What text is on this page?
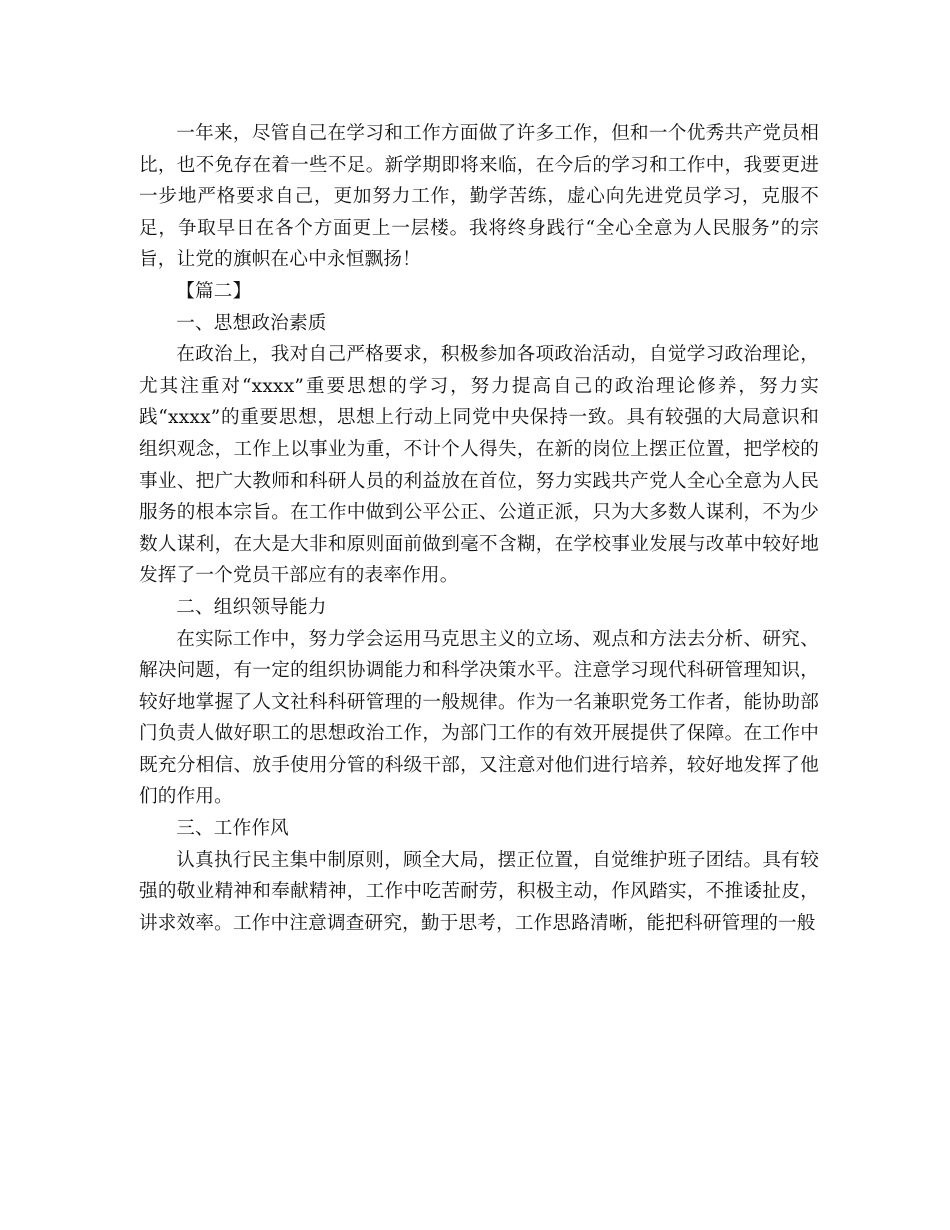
一年来，尽管自己在学习和工作方面做了许多工作，但和一个优秀共产党员相比，也不免存在着一些不足。新学期即将来临，在今后的学习和工作中，我要更进一步地严格要求自己，更加努力工作，勤学苦练，虚心向先进党员学习，克服不足，争取早日在各个方面更上一层楼。我将终身践行“全心全意为人民服务”的宗旨，让党的旗帜在心中永恒飘扬！

【篇二】

一、思想政治素质

在政治上，我对自己严格要求，积极参加各项政治活动，自觉学习政治理论，尤其注重对“xxxx”重要思想的学习，努力提高自己的政治理论修养，努力实践“xxxx”的重要思想，思想上行动上同党中央保持一致。具有较强的大局意识和组织观念，工作上以事业为重，不计个人得失，在新的岗位上摆正位置，把学校的事业、把广大教师和科研人员的利益放在首位，努力实践共产党人全心全意为人民服务的根本宗旨。在工作中做到公平公正、公道正派，只为大多数人谋利，不为少数人谋利，在大是大非和原则面前做到毫不含糊，在学校事业发展与改革中较好地发挥了一个党员干部应有的表率作用。

二、组织领导能力

在实际工作中，努力学会运用马克思主义的立场、观点和方法去分析、研究、解决问题，有一定的组织协调能力和科学决策水平。注意学习现代科研管理知识，较好地掌握了人文社科科研管理的一般规律。作为一名兼职党务工作者，能协助部门负责人做好职工的思想政治工作，为部门工作的有效开展提供了保障。在工作中既充分相信、放手使用分管的科级干部，又注意对他们进行培养，较好地发挥了他们的作用。

三、工作作风

认真执行民主集中制原则，顾全大局，摆正位置，自觉维护班子团结。具有较强的敬业精神和奉献精神，工作中吃苦耐劳，积极主动，作风踏实，不推诿扯皮，讲求效率。工作中注意调查研究，勤于思考，工作思路清晰，能把科研管理的一般
